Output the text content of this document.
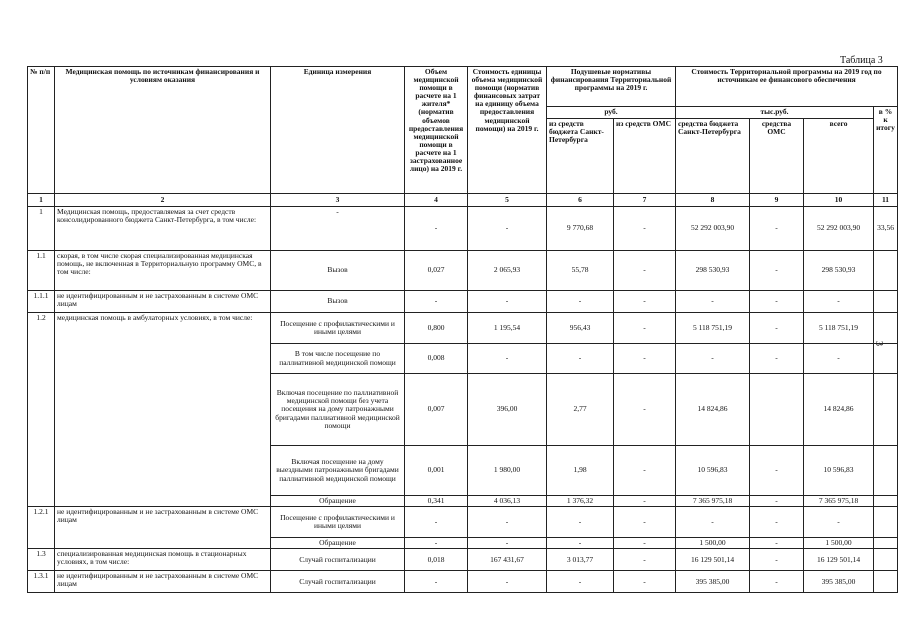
Таблица 3
3
№ п/п	Медицинская помощь по источникам финансирования и условиям оказания	Единица измерения	Объем медицинской помощи в расчете на 1 жителя* (норматив объемов предоставления медицинской помощи в расчете на 1 застрахованное лицо) на 2019 г.	Стоимость единицы объема медицинской помощи (норматив финансовых затрат на единицу объема предоставления медицинской помощи) на 2019 г.	Подушевые нормативы финансирования Территориальной программы на 2019 г.		Стоимость Территориальной программы на 2019 год по источникам ее финансового обеспечения			
					руб.		тыс.руб.			в % к итогу
					из средств бюджета Санкт-Петербурга	из средств ОМС	средства бюджета Санкт-Петербурга	средства ОМС	всего	
1	2	3	4	5	6	7	8	9	10	11
1	Медицинская помощь, предоставляемая за счет средств консолидированного бюджета Санкт-Петербурга, в том числе:	-	-	-	9 770,68	-	52 292 003,90	-	52 292 003,90	33,56
1.1	скорая, в том числе скорая специализированная медицинская помощь, не включенная в Территориальную программу ОМС, в том числе:	Вызов	0,027	2 065,93	55,78	-	298 530,93	-	298 530,93	
1.1.1	не идентифицированным и не застрахованным в системе ОМС лицам	Вызов	-	-	-	-	-	-	-	
1.2	медицинская помощь в амбулаторных условиях, в том числе:	Посещение с профилактическими и иными целями	0,800	1 195,54	956,43	-	5 118 751,19	-	5 118 751,19	
		В том числе посещение по паллиативной медицинской помощи	0,008	-	-	-	-	-	-	
		Включая посещение по паллиативной медицинской помощи без учета посещения на дому патронажными бригадами паллиативной медицинской помощи	0,007	396,00	2,77	-	14 824,86		14 824,86	
		Включая посещение на дому выездными патронажными бригадами паллиативной медицинской помощи	0,001	1 980,00	1,98	-	10 596,83	-	10 596,83	
		Обращение	0,341	4 036,13	1 376,32	-	7 365 975,18	-	7 365 975,18	
1.2.1	не идентифицированным и не застрахованным в системе ОМС лицам	Посещение с профилактическими и иными целями	-	-	-	-	-	-	-	
		Обращение	-	-	-	-	1 500,00	-	1 500,00	
1.3	специализированная медицинская помощь в стационарных условиях, в том числе:	Случай госпитализации	0,018	167 431,67	3 013,77	-	16 129 501,14	-	16 129 501,14	
1.3.1	не идентифицированным и не застрахованным в системе ОМС лицам	Случай госпитализации	-	-	-	-	395 385,00	-	395 385,00	
